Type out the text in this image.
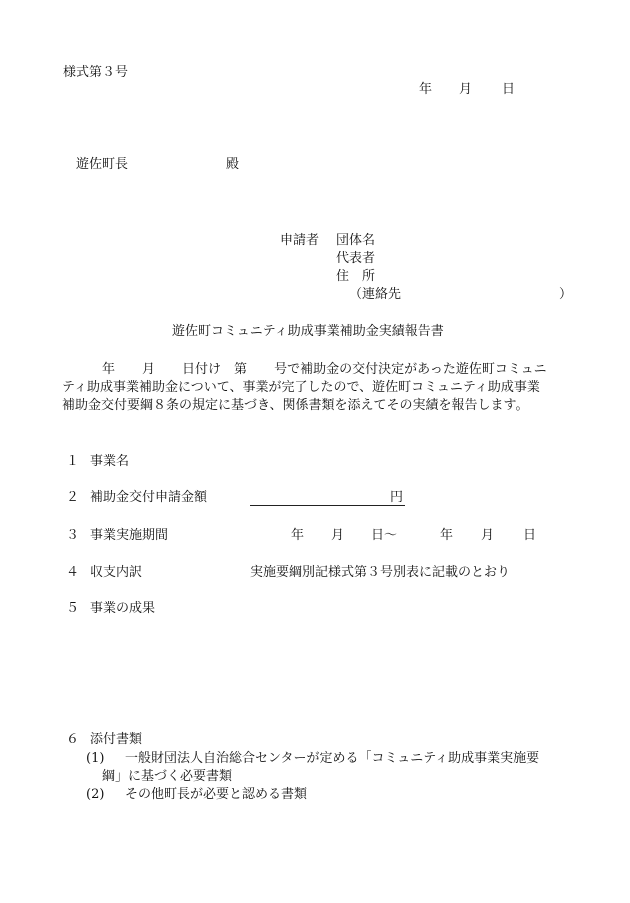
様式第３号
年 月 日
遊佐町長	殿
申請者 団体名
代表者
住　所
（連絡先	）
遊佐町コミュニティ助成事業補助金実績報告書
年 月 日付け 第 号で補助金の交付決定があった遊佐町コミュニ
ティ助成事業補助金について、事業が完了したので、遊佐町コミュニティ助成事業
補助金交付要綱８条の規定に基づき、関係書類を添えてその実績を報告します。
１ 事業名
２ 補助金交付申請金額	円
３ 事業実施期間	年 月 日 ～	年 月 日
４ 収支内訳	実施要綱別記様式第３号別表に記載のとおり
５ 事業の成果
６ 添付書類
(1) 一般財団法人自治総合センターが定める「コミュニティ助成事業実施要
綱」に基づく必要書類
(2) その他町長が必要と認める書類
